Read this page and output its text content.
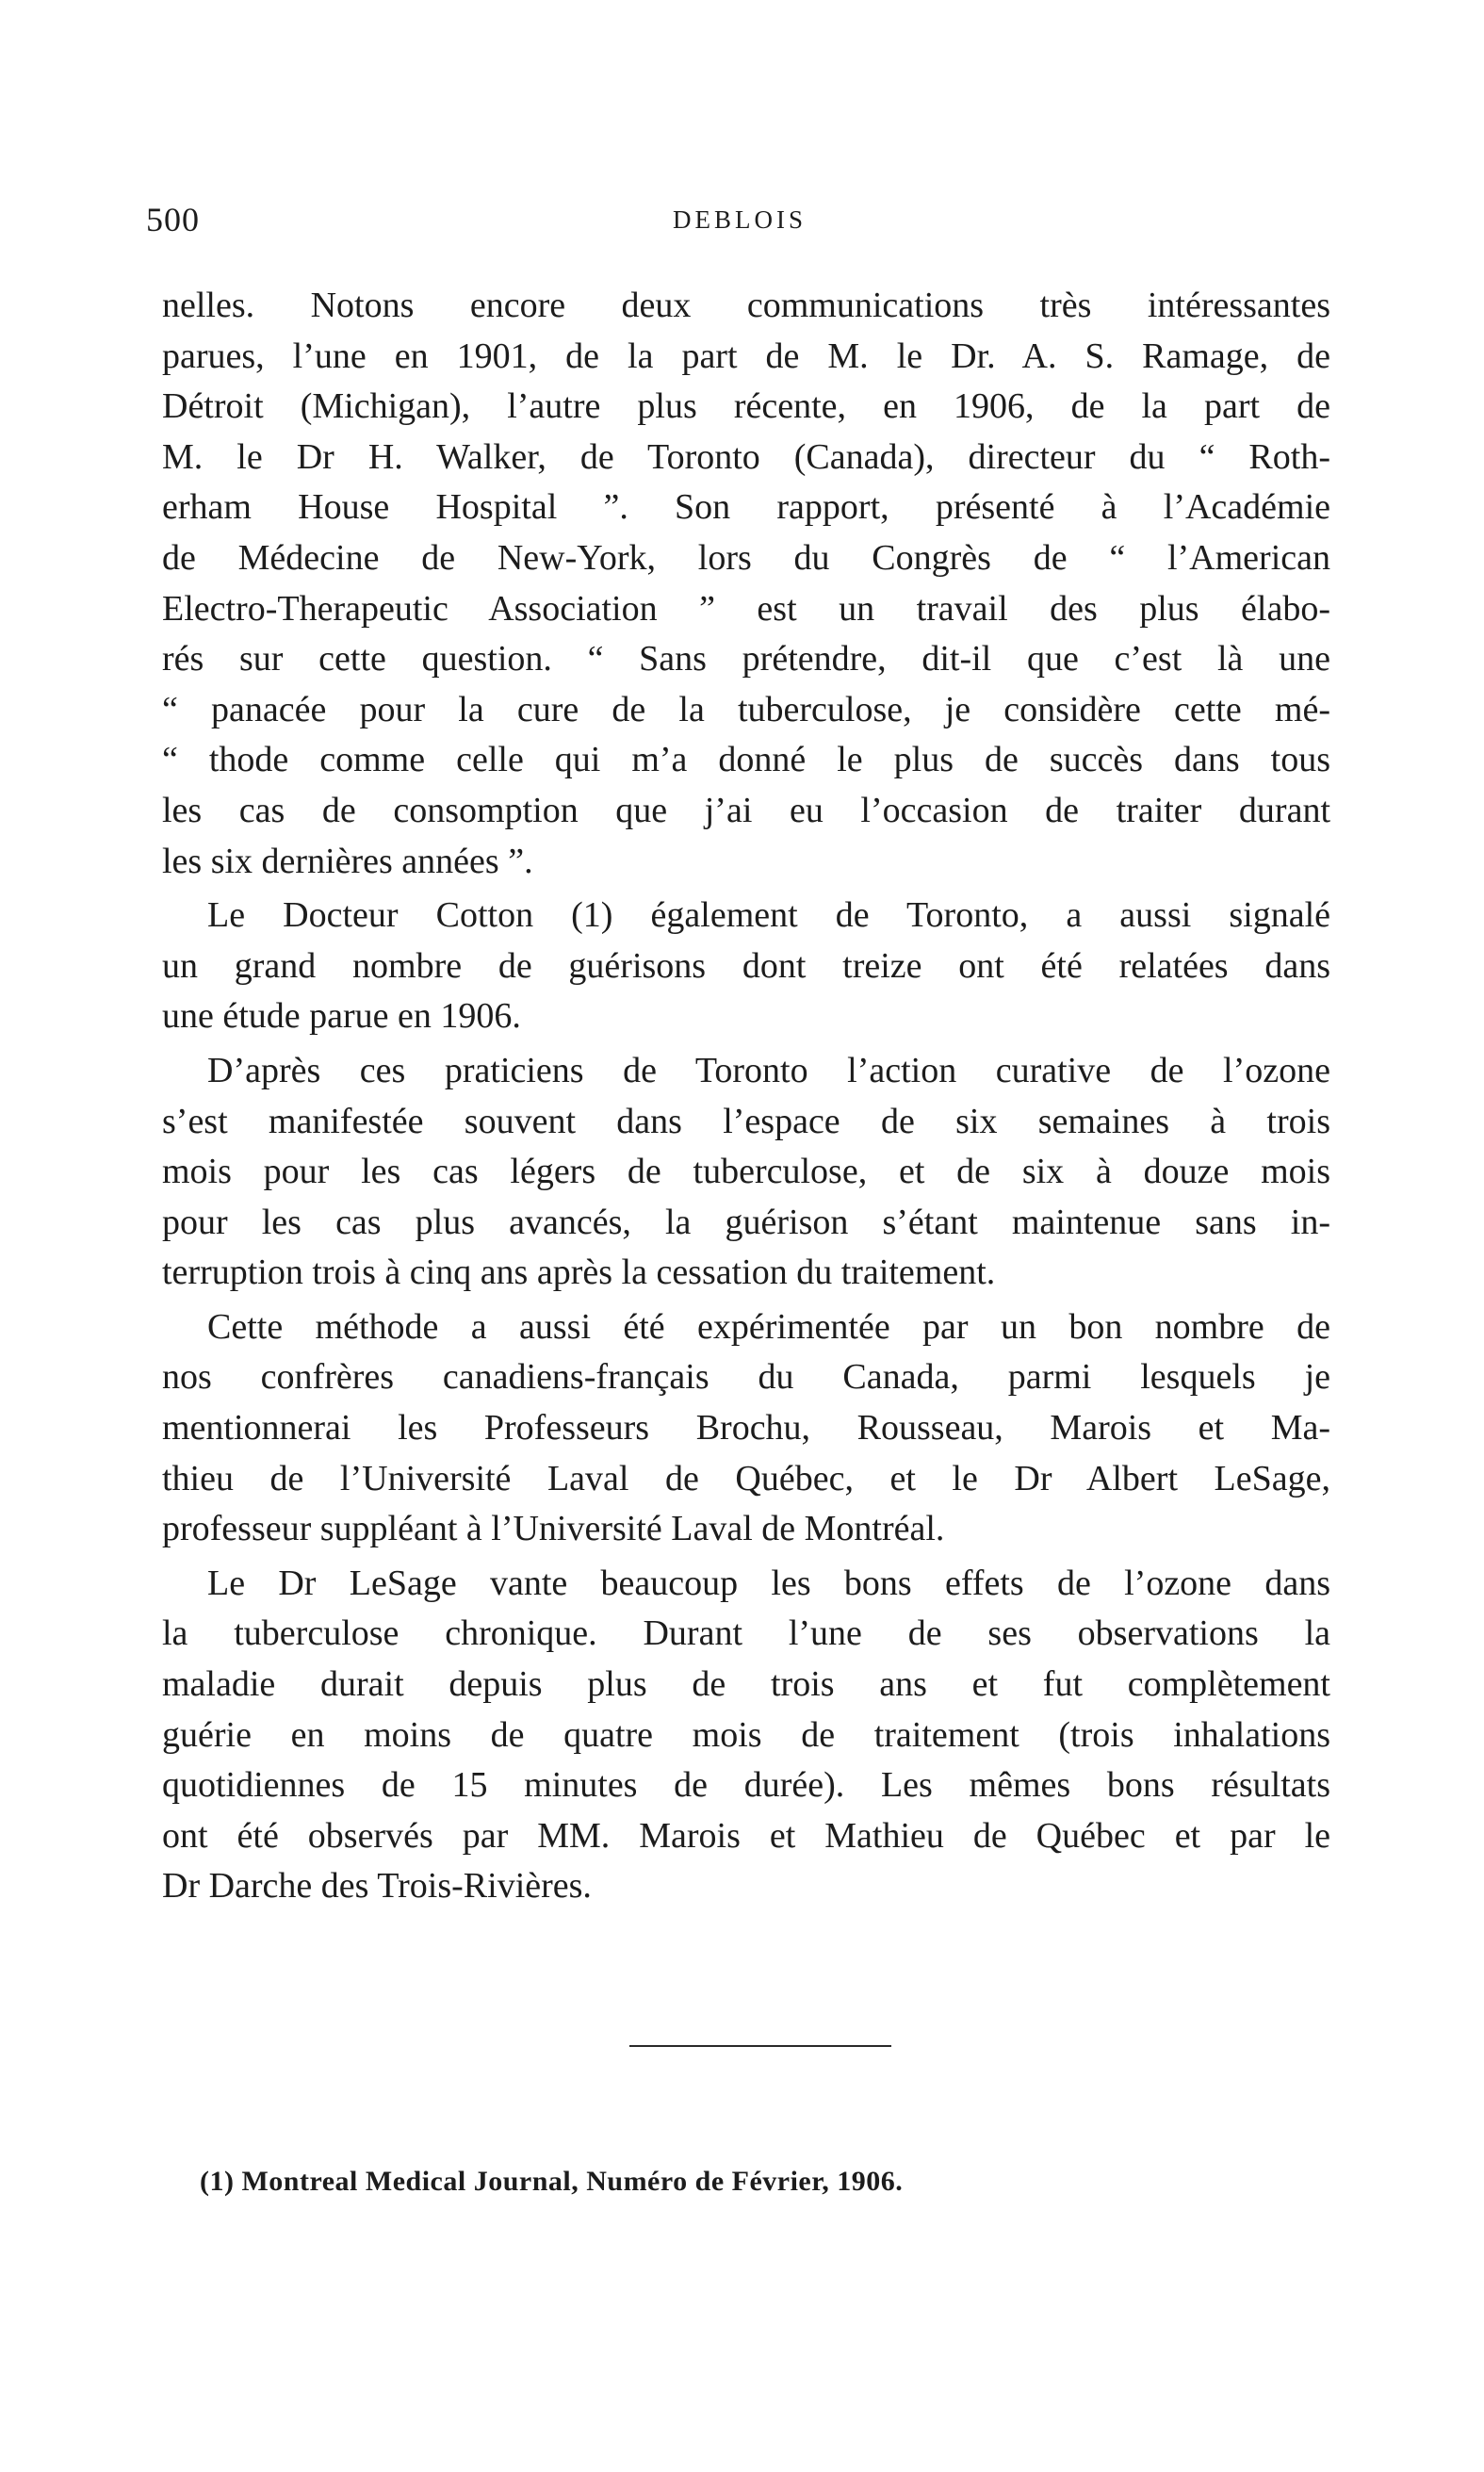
500	DEBLOIS

nelles. Notons encore deux communications très intéressantes
parues, l’une en 1901, de la part de M. le Dr. A. S. Ramage, de
Détroit (Michigan), l’autre plus récente, en 1906, de la part de
M. le Dr H. Walker, de Toronto (Canada), directeur du “ Roth-
erham House Hospital ”. Son rapport, présenté à l’Académie
de Médecine de New-York, lors du Congrès de “ l’American
Electro-Therapeutic Association ” est un travail des plus élabo-
rés sur cette question. “ Sans prétendre, dit-il que c’est là une
“ panacée pour la cure de la tuberculose, je considère cette mé-
“ thode comme celle qui m’a donné le plus de succès dans tous
les cas de consomption que j’ai eu l’occasion de traiter durant
les six dernières années ”.

Le Docteur Cotton (1) également de Toronto, a aussi signalé
un grand nombre de guérisons dont treize ont été relatées dans
une étude parue en 1906.

D’après ces praticiens de Toronto l’action curative de l’ozone
s’est manifestée souvent dans l’espace de six semaines à trois
mois pour les cas légers de tuberculose, et de six à douze mois
pour les cas plus avancés, la guérison s’étant maintenue sans in-
terruption trois à cinq ans après la cessation du traitement.

Cette méthode a aussi été expérimentée par un bon nombre de
nos confrères canadiens-français du Canada, parmi lesquels je
mentionnerai les Professeurs Brochu, Rousseau, Marois et Ma-
thieu de l’Université Laval de Québec, et le Dr Albert LeSage,
professeur suppléant à l’Université Laval de Montréal.

Le Dr LeSage vante beaucoup les bons effets de l’ozone dans
la tuberculose chronique. Durant l’une de ses observations la
maladie durait depuis plus de trois ans et fut complètement
guérie en moins de quatre mois de traitement (trois inhalations
quotidiennes de 15 minutes de durée). Les mêmes bons résultats
ont été observés par MM. Marois et Mathieu de Québec et par le
Dr Darche des Trois-Rivières.

(1) Montreal Medical Journal, Numéro de Février, 1906.
